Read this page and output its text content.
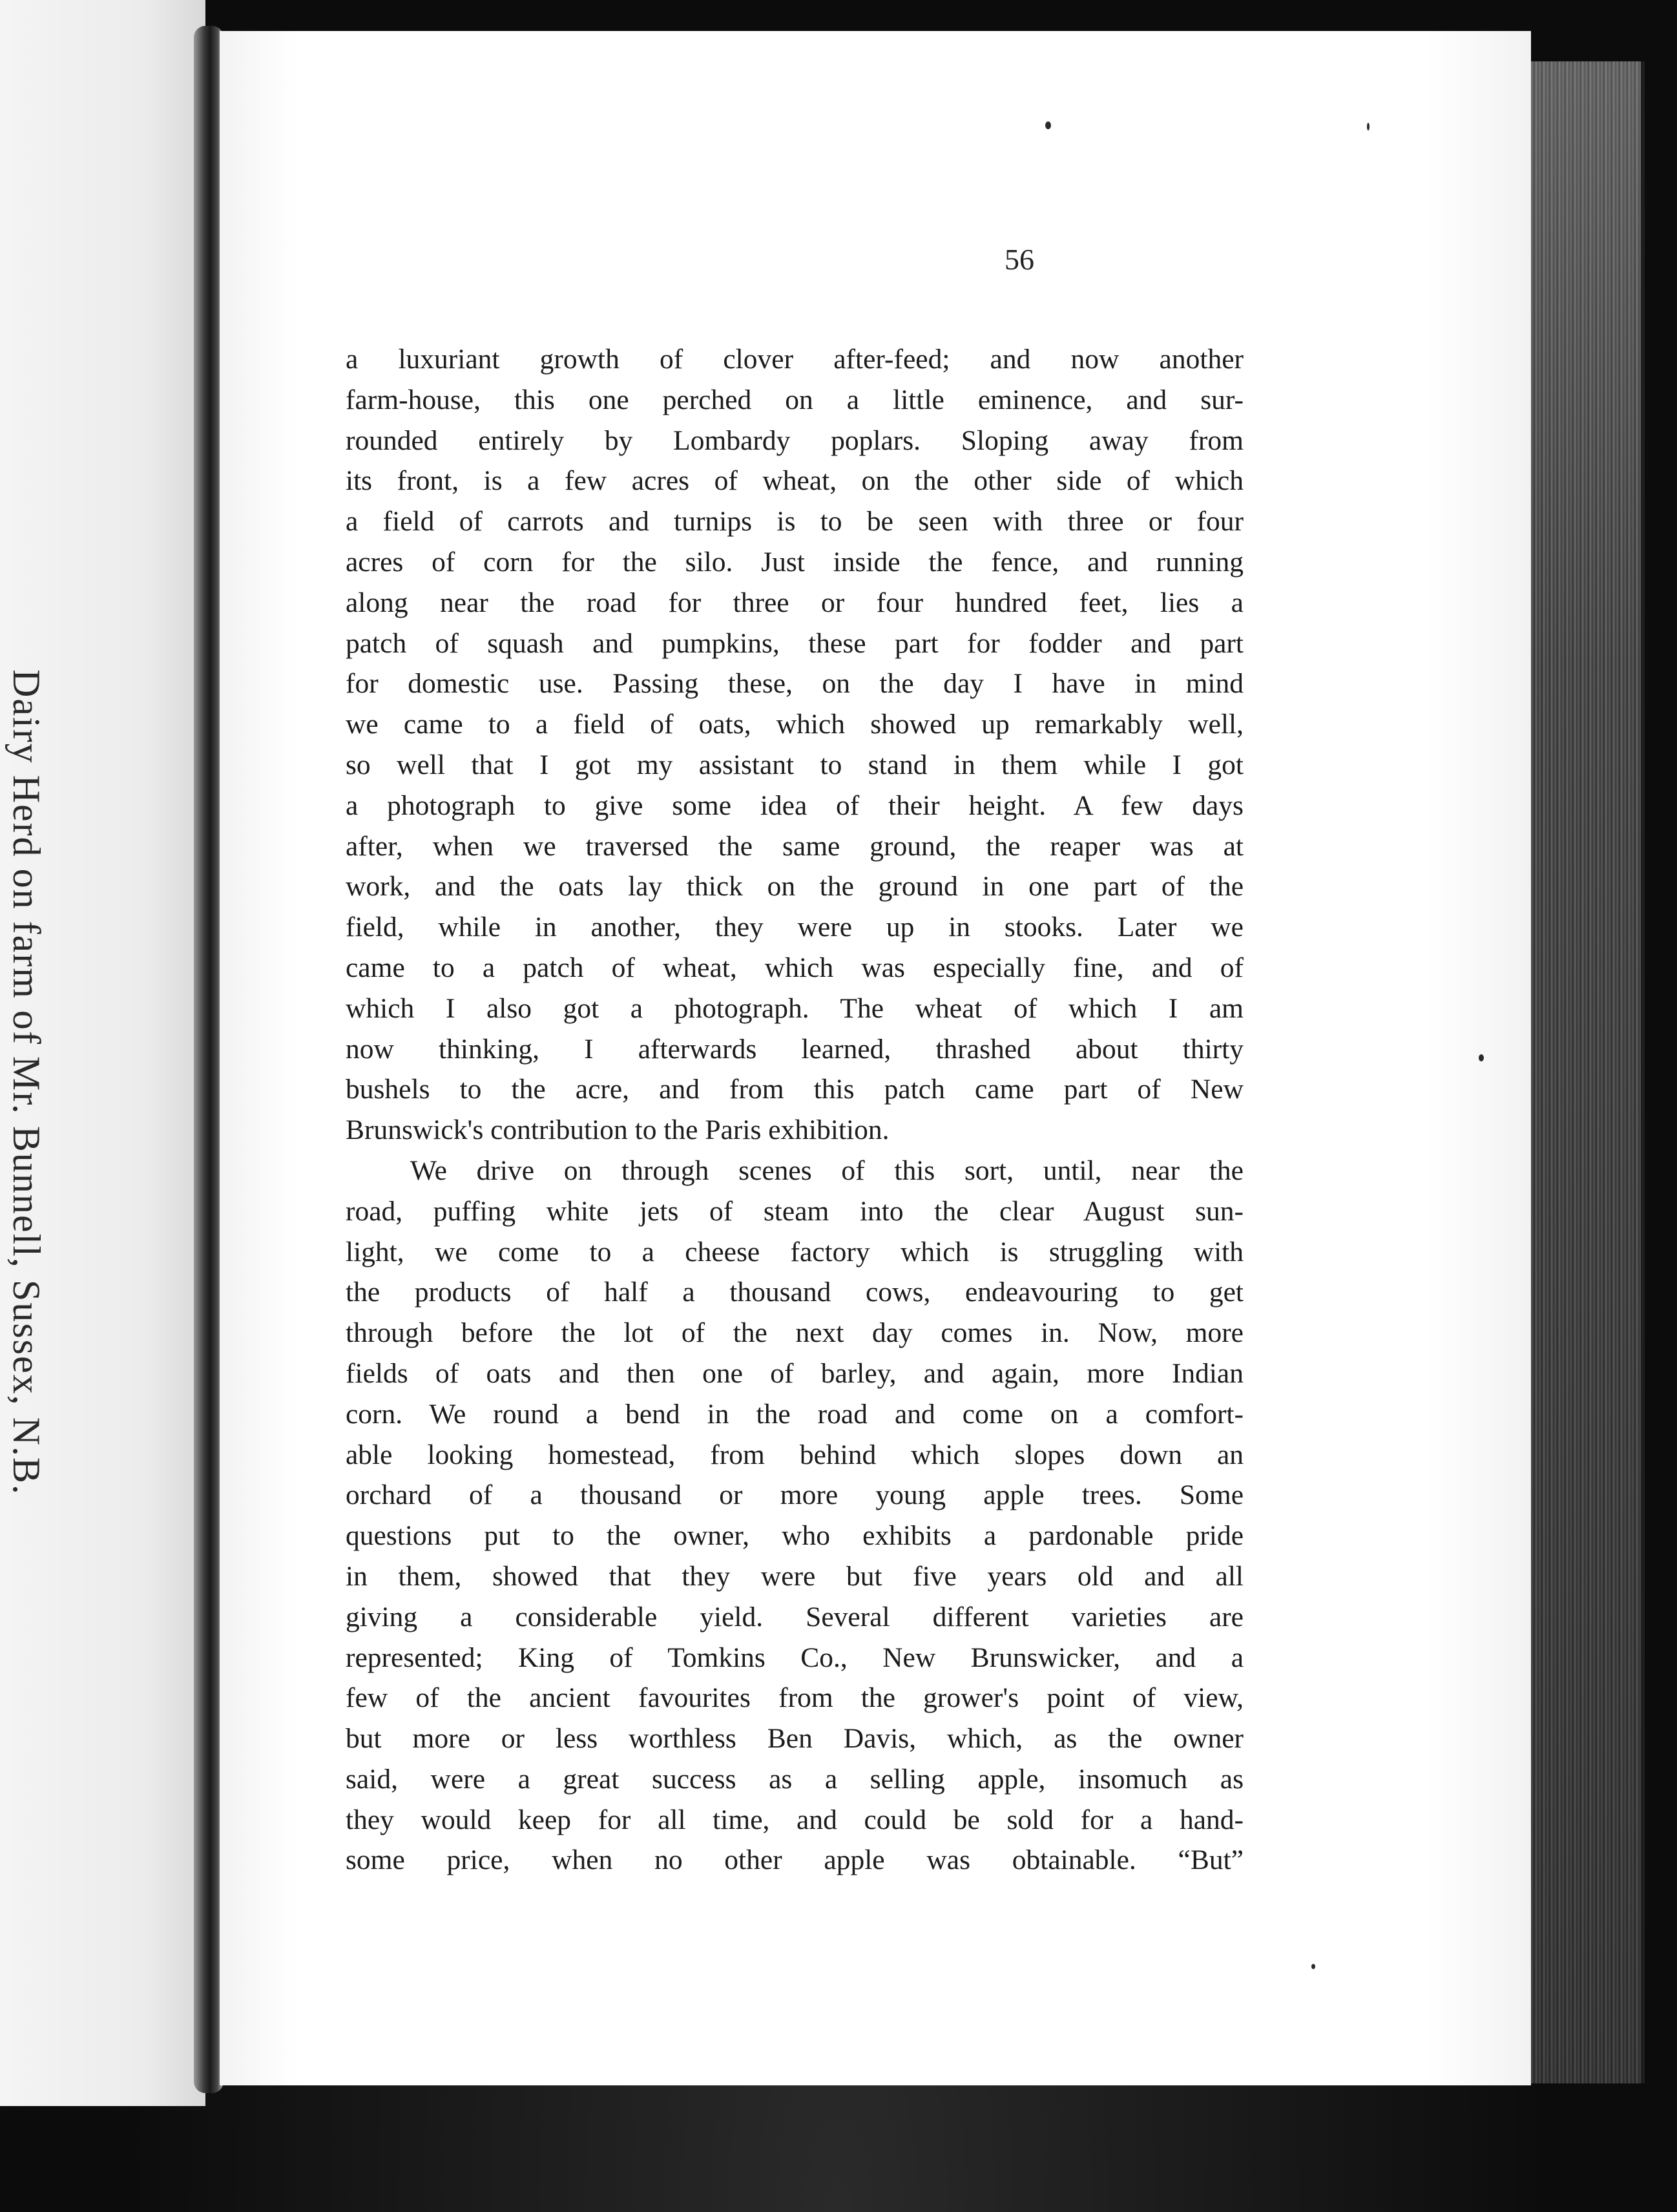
Dairy Herd on farm of Mr. Bunnell, Sussex, N.B.
56
a luxuriant growth of clover after-feed; and now another
farm-house, this one perched on a little eminence, and sur-
rounded entirely by Lombardy poplars. Sloping away from
its front, is a few acres of wheat, on the other side of which
a field of carrots and turnips is to be seen with three or four
acres of corn for the silo. Just inside the fence, and running
along near the road for three or four hundred feet, lies a
patch of squash and pumpkins, these part for fodder and part
for domestic use. Passing these, on the day I have in mind
we came to a field of oats, which showed up remarkably well,
so well that I got my assistant to stand in them while I got
a photograph to give some idea of their height. A few days
after, when we traversed the same ground, the reaper was at
work, and the oats lay thick on the ground in one part of the
field, while in another, they were up in stooks. Later we
came to a patch of wheat, which was especially fine, and of
which I also got a photograph. The wheat of which I am
now thinking, I afterwards learned, thrashed about thirty
bushels to the acre, and from this patch came part of New
Brunswick's contribution to the Paris exhibition.
We drive on through scenes of this sort, until, near the
road, puffing white jets of steam into the clear August sun-
light, we come to a cheese factory which is struggling with
the products of half a thousand cows, endeavouring to get
through before the lot of the next day comes in. Now, more
fields of oats and then one of barley, and again, more Indian
corn. We round a bend in the road and come on a comfort-
able looking homestead, from behind which slopes down an
orchard of a thousand or more young apple trees. Some
questions put to the owner, who exhibits a pardonable pride
in them, showed that they were but five years old and all
giving a considerable yield. Several different varieties are
represented; King of Tomkins Co., New Brunswicker, and a
few of the ancient favourites from the grower's point of view,
but more or less worthless Ben Davis, which, as the owner
said, were a great success as a selling apple, insomuch as
they would keep for all time, and could be sold for a hand-
some price, when no other apple was obtainable. “But”
